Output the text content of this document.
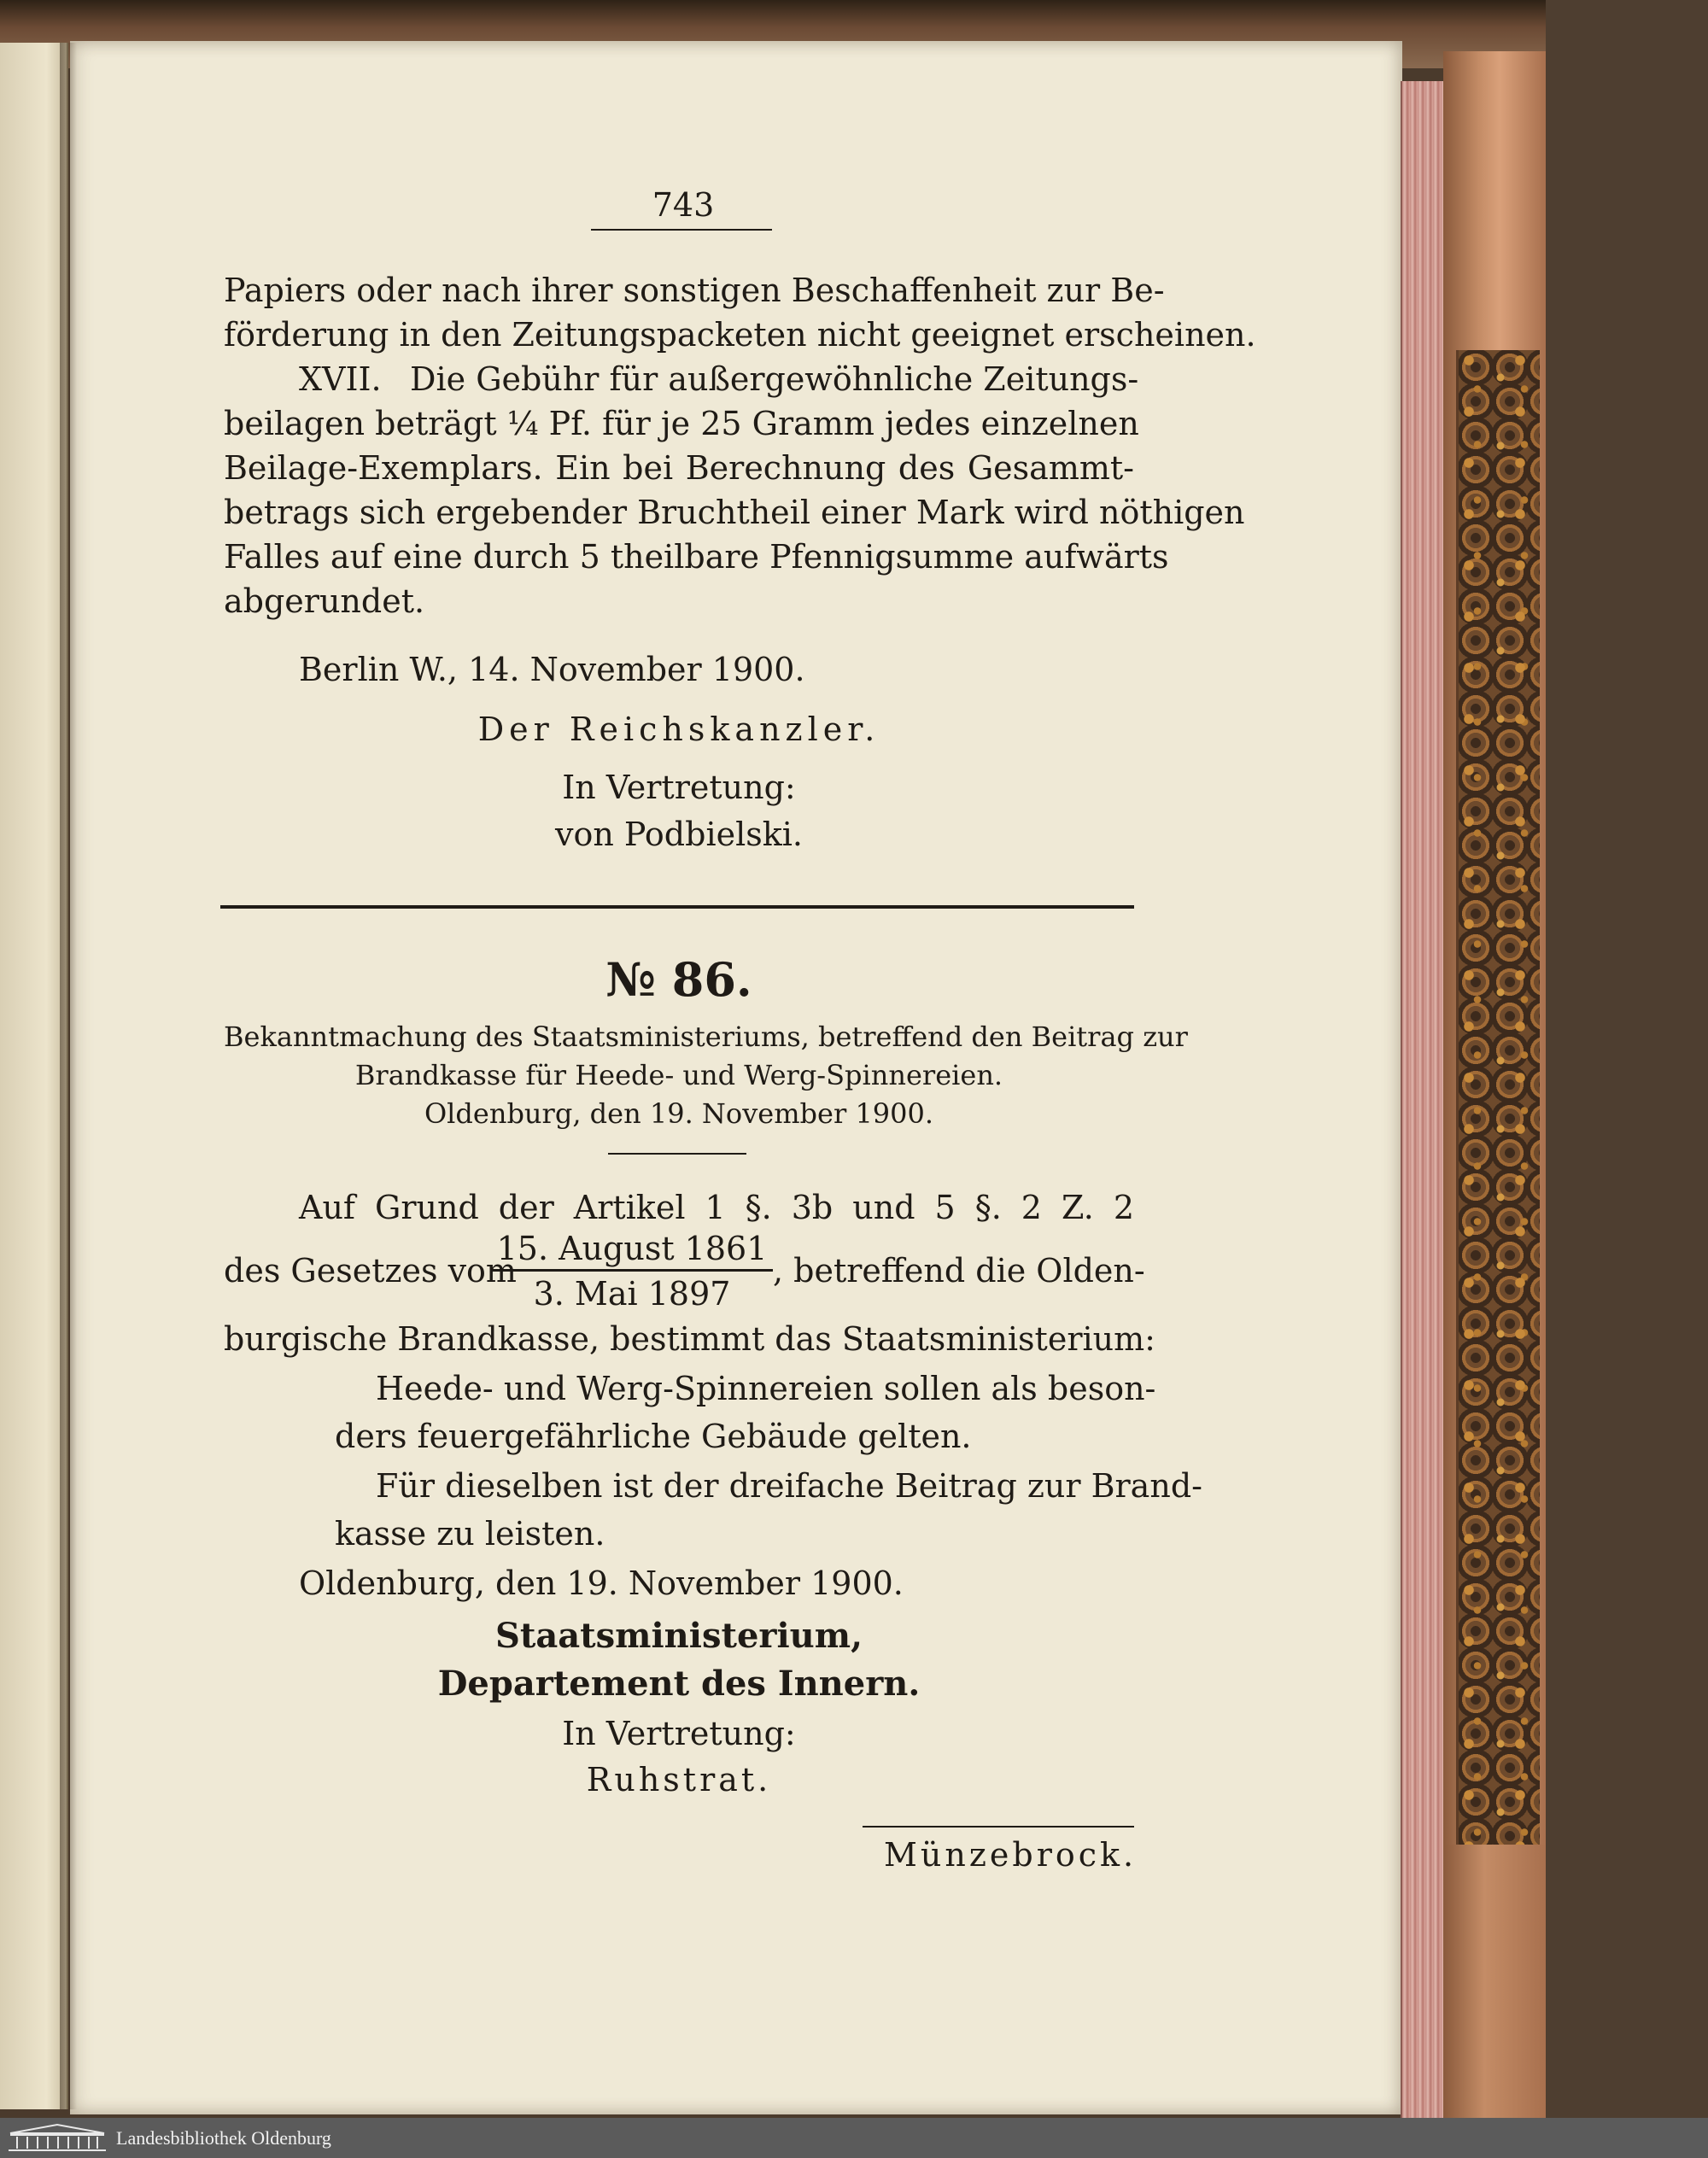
743
Papiers oder nach ihrer sonstigen Beschaffenheit zur Be-
förderung in den Zeitungspacketen nicht geeignet erscheinen.
XVII. Die Gebühr für außergewöhnliche Zeitungs-
beilagen beträgt ¼ Pf. für je 25 Gramm jedes einzelnen
Beilage-Exemplars. Ein bei Berechnung des Gesammt-
betrags sich ergebender Bruchtheil einer Mark wird nöthigen
Falles auf eine durch 5 theilbare Pfennigsumme aufwärts
abgerundet.
Berlin W., 14. November 1900.
Der Reichskanzler.
In Vertretung:
von Podbielski.
№ 86.
Bekanntmachung des Staatsministeriums, betreffend den Beitrag zur
Brandkasse für Heede- und Werg-Spinnereien.
Oldenburg, den 19. November 1900.
Auf Grund der Artikel 1 §. 3b und 5 §. 2 Z. 2
des Gesetzes vom
15. August 1861
3. Mai 1897
, betreffend die Olden-
burgische Brandkasse, bestimmt das Staatsministerium:
Heede- und Werg-Spinnereien sollen als beson-
ders feuergefährliche Gebäude gelten.
Für dieselben ist der dreifache Beitrag zur Brand-
kasse zu leisten.
Oldenburg, den 19. November 1900.
Staatsministerium,
Departement des Innern.
In Vertretung:
Ruhstrat.
Münzebrock.
Landesbibliothek Oldenburg
